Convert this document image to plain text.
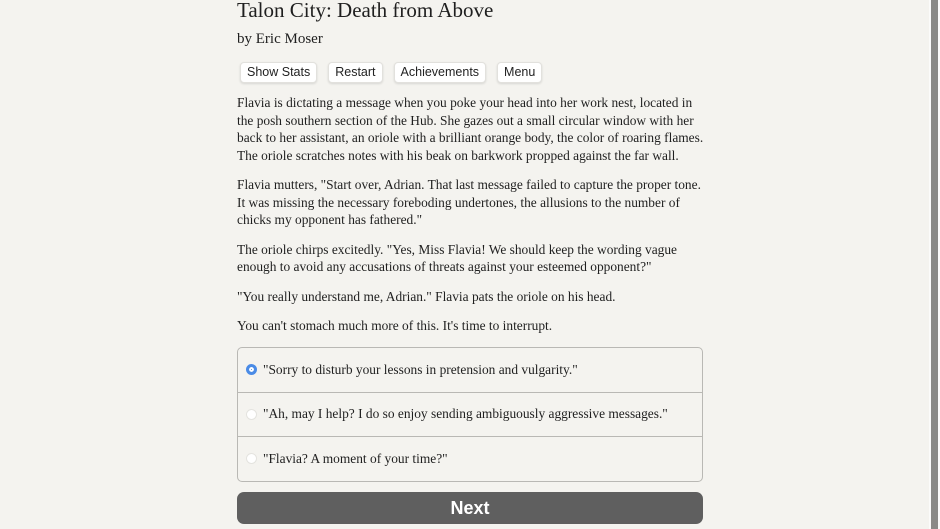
Talon City: Death from Above
by Eric Moser
Show Stats	Restart	Achievements	Menu

Flavia is dictating a message when you poke your head into her work nest, located in
the posh southern section of the Hub. She gazes out a small circular window with her
back to her assistant, an oriole with a brilliant orange body, the color of roaring flames.
The oriole scratches notes with his beak on barkwork propped against the far wall.

Flavia mutters, "Start over, Adrian. That last message failed to capture the proper tone.
It was missing the necessary foreboding undertones, the allusions to the number of
chicks my opponent has fathered."

The oriole chirps excitedly. "Yes, Miss Flavia! We should keep the wording vague
enough to avoid any accusations of threats against your esteemed opponent?"

"You really understand me, Adrian." Flavia pats the oriole on his head.

You can't stomach much more of this. It's time to interrupt.

"Sorry to disturb your lessons in pretension and vulgarity."
"Ah, may I help? I do so enjoy sending ambiguously aggressive messages."
"Flavia? A moment of your time?"
Next
